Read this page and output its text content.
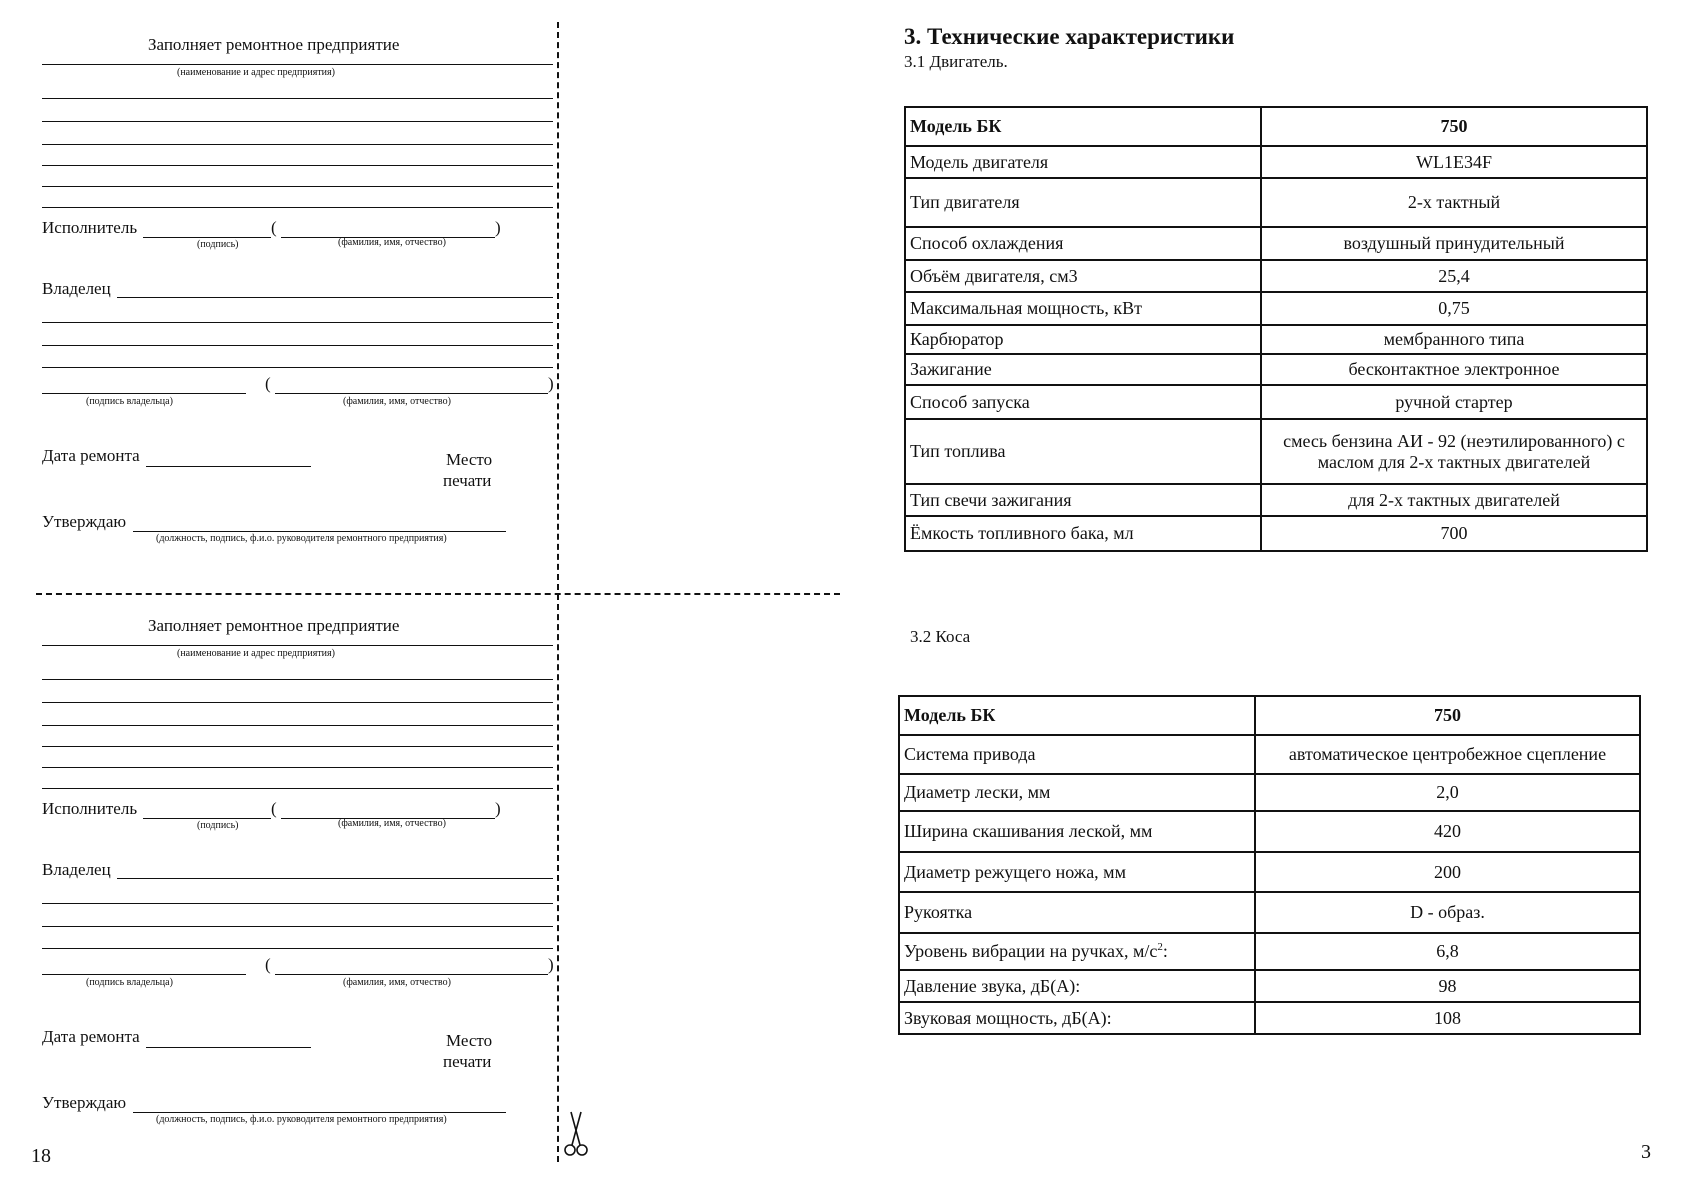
Заполняет ремонтное предприятие
(наименование и адрес предприятия)
Исполнитель	(	)
(подпись)	(фамилия, имя, отчество)
Владелец
(	)
(подпись владельца)	(фамилия, имя, отчество)
Дата ремонта	Место
печати
Утверждаю
(должность, подпись, ф.и.о. руководителя ремонтного предприятия)
Заполняет ремонтное предприятие
(наименование и адрес предприятия)
Исполнитель	(	)
(подпись)	(фамилия, имя, отчество)
Владелец
(	)
(подпись владельца)	(фамилия, имя, отчество)
Дата ремонта	Место
печати
Утверждаю
(должность, подпись, ф.и.о. руководителя ремонтного предприятия)
18	3
3. Технические характеристики
3.1 Двигатель.
Модель БК	750
Модель двигателя	WL1E34F
Тип двигателя	2-х тактный
Способ охлаждения	воздушный принудительный
Объём двигателя, см3	25,4
Максимальная мощность, кВт	0,75
Карбюратор	мембранного типа
Зажигание	бесконтактное электронное
Способ запуска	ручной стартер
Тип топлива	смесь бензина АИ - 92 (неэтилированного) с маслом для 2-х тактных двигателей
Тип свечи зажигания	для 2-х тактных двигателей
Ёмкость топливного бака, мл	700
3.2 Коса
Модель БК	750
Система привода	автоматическое центробежное сцепление
Диаметр лески, мм	2,0
Ширина скашивания леской, мм	420
Диаметр режущего ножа, мм	200
Рукоятка	D - образ.
Уровень вибрации на ручках, $м/с^2$:	6,8
Давление звука, дБ(А):	98
Звуковая мощность, дБ(А):	108
